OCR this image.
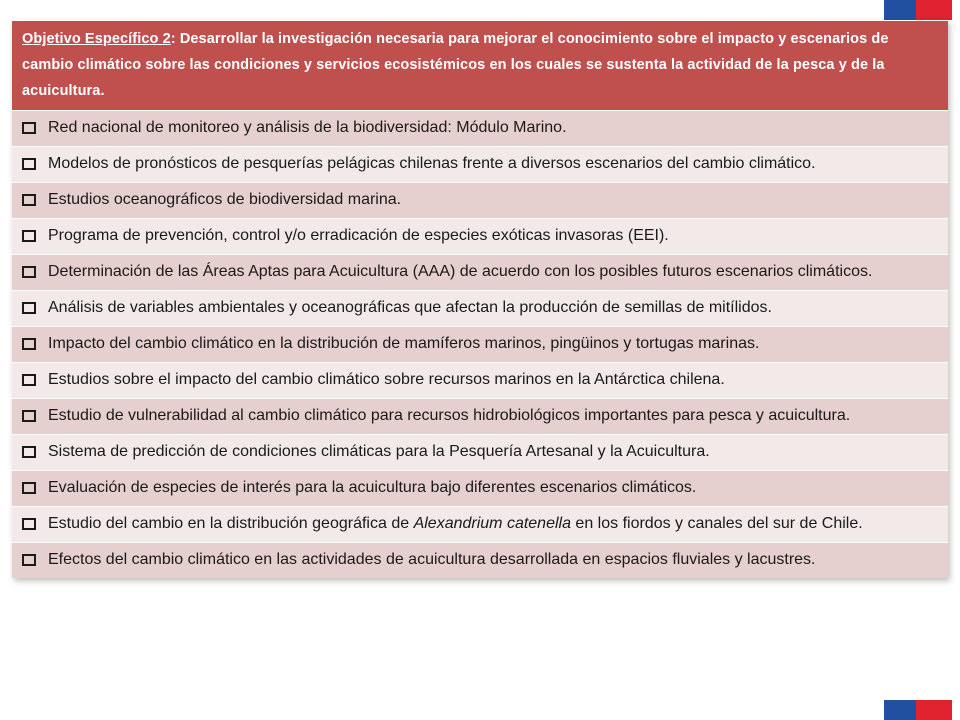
Objetivo Específico 2: Desarrollar la investigación necesaria para mejorar el conocimiento sobre el impacto y escenarios de cambio climático sobre las condiciones y servicios ecosistémicos en los cuales se sustenta la actividad de la pesca y de la acuicultura.

Red nacional de monitoreo y análisis de la biodiversidad: Módulo Marino.

Modelos de pronósticos de pesquerías pelágicas chilenas frente a diversos escenarios del cambio climático.

Estudios oceanográficos de biodiversidad marina.

Programa de prevención, control y/o erradicación de especies exóticas invasoras (EEI).

Determinación de las Áreas Aptas para Acuicultura (AAA) de acuerdo con los posibles futuros escenarios climáticos.

Análisis de variables ambientales y oceanográficas que afectan la producción de semillas de mitílidos.

Impacto del cambio climático en la distribución de mamíferos marinos, pingüinos y tortugas marinas.

Estudios sobre el impacto del cambio climático sobre recursos marinos en la Antárctica chilena.

Estudio de vulnerabilidad al cambio climático para recursos hidrobiológicos importantes para pesca y acuicultura.

Sistema de predicción de condiciones climáticas para la Pesquería Artesanal y la Acuicultura.

Evaluación de especies de interés para la acuicultura bajo diferentes escenarios climáticos.

Estudio del cambio en la distribución geográfica de Alexandrium catenella en los fiordos y canales del sur de Chile.

Efectos del cambio climático en las actividades de acuicultura desarrollada en espacios fluviales y lacustres.
